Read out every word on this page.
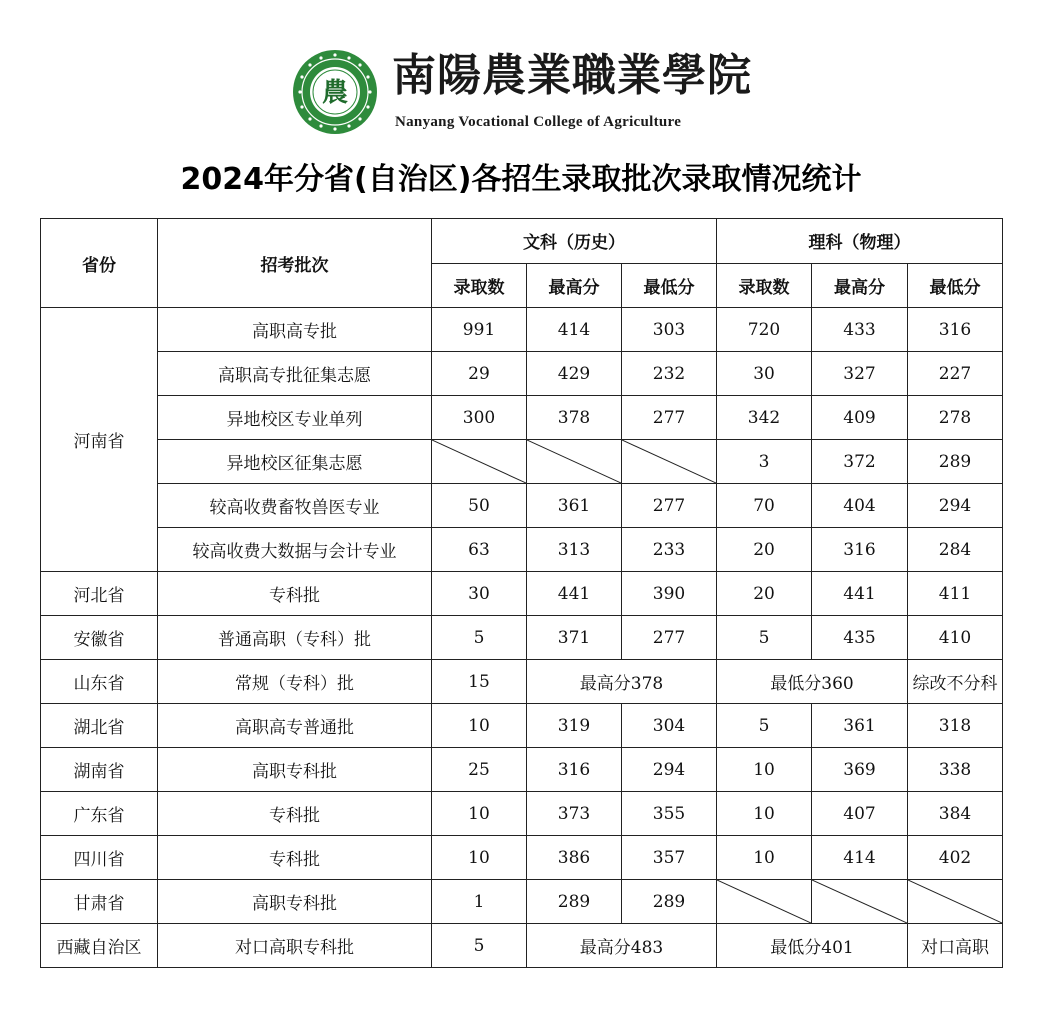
農 南陽農業職業學院
Nanyang Vocational College of Agriculture
2024年分省(自治区)各招生录取批次录取情况统计
省份	招考批次	文科（历史）			理科（物理）		
		录取数	最高分	最低分	录取数	最高分	最低分
河南省	高职高专批	991	414	303	720	433	316
	高职高专批征集志愿	29	429	232	30	327	227
	异地校区专业单列	300	378	277	342	409	278
	异地校区征集志愿				3	372	289
	较高收费畜牧兽医专业	50	361	277	70	404	294
	较高收费大数据与会计专业	63	313	233	20	316	284
河北省	专科批	30	441	390	20	441	411
安徽省	普通高职（专科）批	5	371	277	5	435	410
山东省	常规（专科）批	15	最高分378		最低分360		综改不分科
湖北省	高职高专普通批	10	319	304	5	361	318
湖南省	高职专科批	25	316	294	10	369	338
广东省	专科批	10	373	355	10	407	384
四川省	专科批	10	386	357	10	414	402
甘肃省	高职专科批	1	289	289	

西藏自治区	对口高职专科批	5	最高分483		最低分401		对口高职
